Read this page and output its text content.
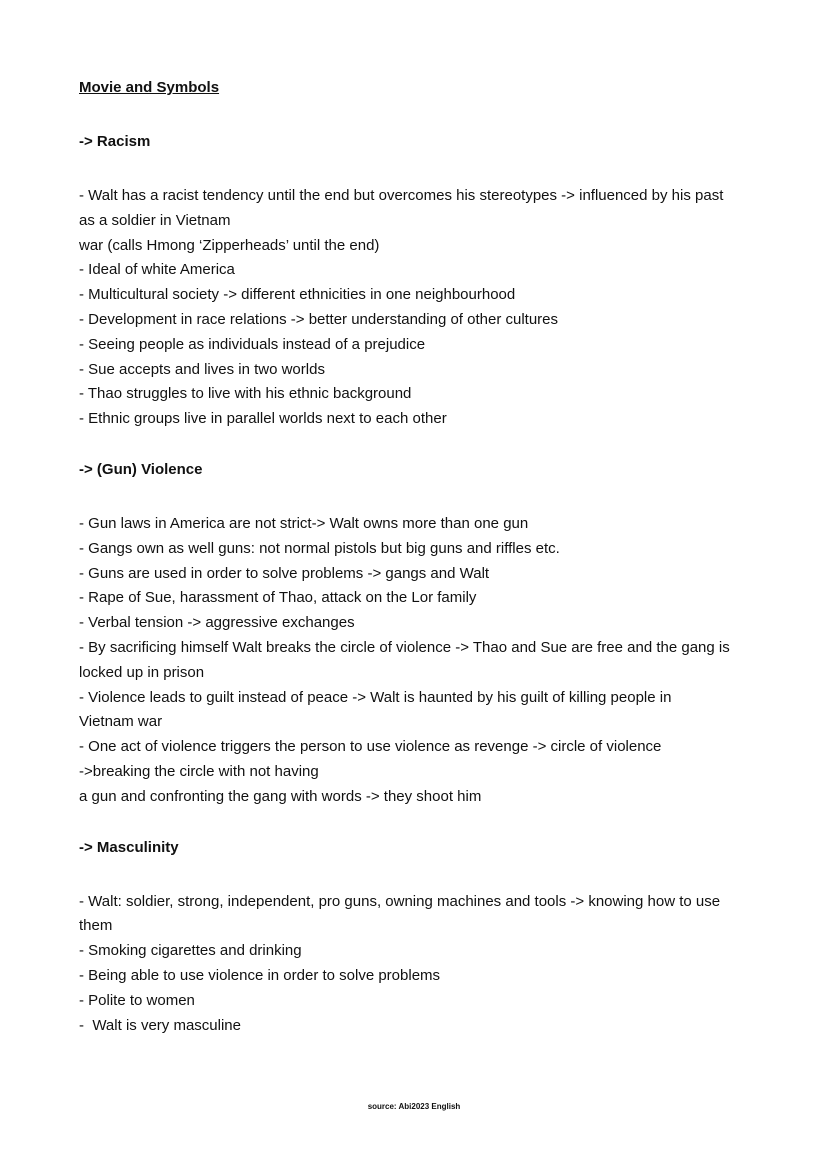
Movie and Symbols

-> Racism

- Walt has a racist tendency until the end but overcomes his stereotypes -> influenced by his past

as a soldier in Vietnam

war (calls Hmong ‘Zipperheads’ until the end)

- Ideal of white America

- Multicultural society -> different ethnicities in one neighbourhood

- Development in race relations -> better understanding of other cultures

- Seeing people as individuals instead of a prejudice

- Sue accepts and lives in two worlds

- Thao struggles to live with his ethnic background

- Ethnic groups live in parallel worlds next to each other

-> (Gun) Violence

- Gun laws in America are not strict-> Walt owns more than one gun

- Gangs own as well guns: not normal pistols but big guns and riffles etc.

- Guns are used in order to solve problems -> gangs and Walt

- Rape of Sue, harassment of Thao, attack on the Lor family

- Verbal tension -> aggressive exchanges

- By sacrificing himself Walt breaks the circle of violence -> Thao and Sue are free and the gang is

locked up in prison

- Violence leads to guilt instead of peace -> Walt is haunted by his guilt of killing people in

Vietnam war

- One act of violence triggers the person to use violence as revenge -> circle of violence

->breaking the circle with not having

a gun and confronting the gang with words -> they shoot him

-> Masculinity

- Walt: soldier, strong, independent, pro guns, owning machines and tools -> knowing how to use

them

- Smoking cigarettes and drinking

- Being able to use violence in order to solve problems

- Polite to women

-  Walt is very masculine

source: Abi2023 English
